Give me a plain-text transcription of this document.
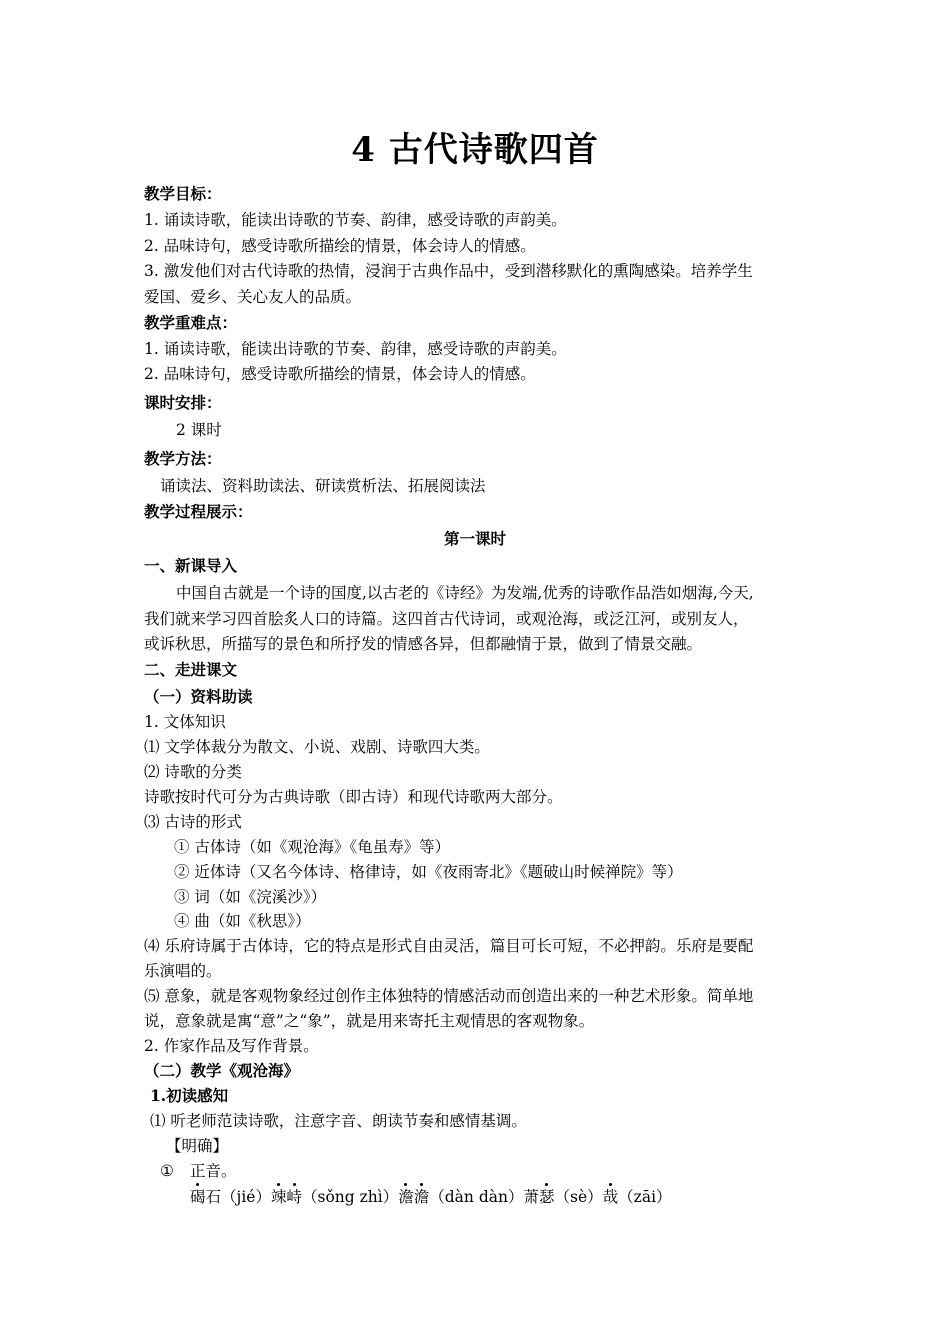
4 古代诗歌四首
教学目标：
1. 诵读诗歌，能读出诗歌的节奏、韵律，感受诗歌的声韵美。
2. 品味诗句，感受诗歌所描绘的情景，体会诗人的情感。
3. 激发他们对古代诗歌的热情，浸润于古典作品中，受到潜移默化的熏陶感染。培养学生
爱国、爱乡、关心友人的品质。
教学重难点：
1. 诵读诗歌，能读出诗歌的节奏、韵律，感受诗歌的声韵美。
2. 品味诗句，感受诗歌所描绘的情景，体会诗人的情感。
课时安排：
2 课时
教学方法：
诵读法、资料助读法、研读赏析法、拓展阅读法
教学过程展示：
第一课时
一、新课导入
中国自古就是一个诗的国度,以古老的《诗经》为发端,优秀的诗歌作品浩如烟海,今天,
我们就来学习四首脍炙人口的诗篇。这四首古代诗词，或观沧海，或泛江河，或别友人，
或诉秋思，所描写的景色和所抒发的情感各异，但都融情于景，做到了情景交融。
二、走进课文
（一）资料助读
1. 文体知识
⑴ 文学体裁分为散文、小说、戏剧、诗歌四大类。
⑵ 诗歌的分类
诗歌按时代可分为古典诗歌（即古诗）和现代诗歌两大部分。
⑶ 古诗的形式
① 古体诗（如《观沧海》《龟虽寿》等）
② 近体诗（又名今体诗、格律诗，如《夜雨寄北》《题破山时候禅院》等）
③ 词（如《浣溪沙》）
④ 曲（如《秋思》）
⑷ 乐府诗属于古体诗，它的特点是形式自由灵活，篇目可长可短，不必押韵。乐府是要配
乐演唱的。
⑸ 意象，就是客观物象经过创作主体独特的情感活动而创造出来的一种艺术形象。简单地
说，意象就是寓“意”之“象”，就是用来寄托主观情思的客观物象。
2. 作家作品及写作背景。
（二）教学《观沧海》
1.初读感知
⑴ 听老师范读诗歌，注意字音、朗读节奏和感情基调。
【明确】
① 正音。
碣石（jié）竦峙（sǒng zhì）澹澹（dàn dàn）萧瑟（sè）哉（zāi）
